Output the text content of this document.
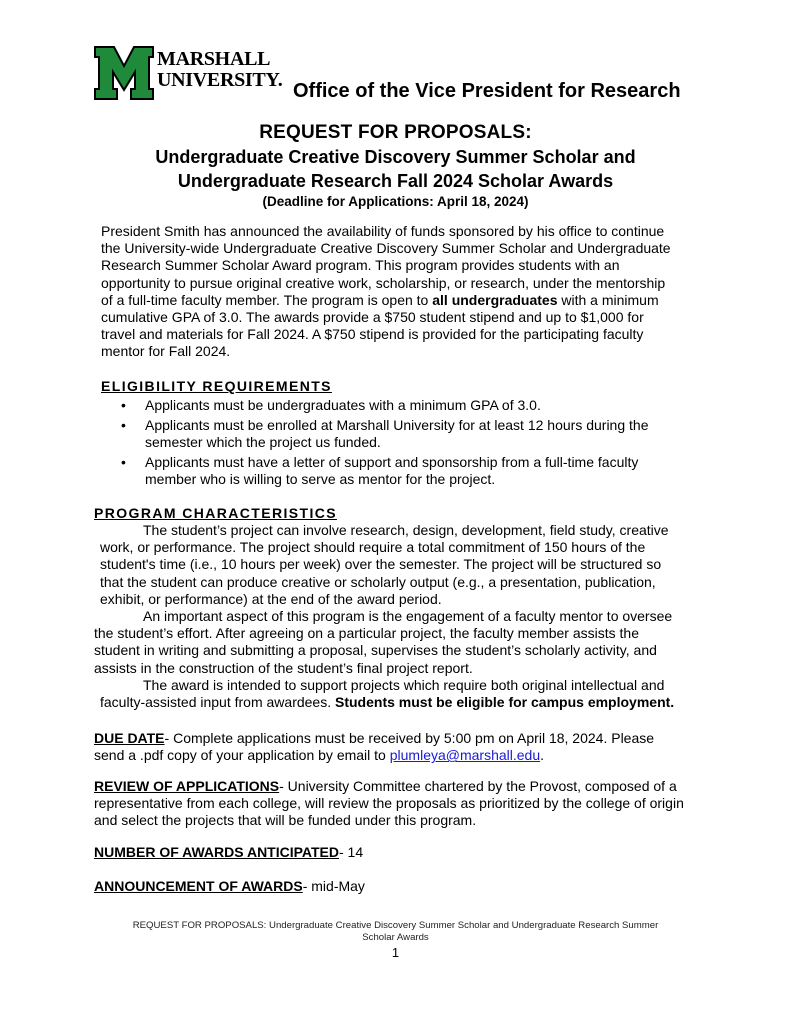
MARSHALL
UNIVERSITY. Office of the Vice President for Research
REQUEST FOR PROPOSALS:
Undergraduate Creative Discovery Summer Scholar and
Undergraduate Research Fall 2024 Scholar Awards
(Deadline for Applications: April 18, 2024)
President Smith has announced the availability of funds sponsored by his office to continue
the University-wide Undergraduate Creative Discovery Summer Scholar and Undergraduate
Research Summer Scholar Award program. This program provides students with an
opportunity to pursue original creative work, scholarship, or research, under the mentorship
of a full-time faculty member. The program is open to all undergraduates with a minimum
cumulative GPA of 3.0. The awards provide a $750 student stipend and up to $1,000 for
travel and materials for Fall 2024. A $750 stipend is provided for the participating faculty
mentor for Fall 2024.
ELIGIBILITY REQUIREMENTS
• Applicants must be undergraduates with a minimum GPA of 3.0.
• Applicants must be enrolled at Marshall University for at least 12 hours during the
semester which the project us funded.
• Applicants must have a letter of support and sponsorship from a full-time faculty
member who is willing to serve as mentor for the project.
PROGRAM CHARACTERISTICS
The student’s project can involve research, design, development, field study, creative
work, or performance. The project should require a total commitment of 150 hours of the
student's time (i.e., 10 hours per week) over the semester. The project will be structured so
that the student can produce creative or scholarly output (e.g., a presentation, publication,
exhibit, or performance) at the end of the award period.
An important aspect of this program is the engagement of a faculty mentor to oversee
the student’s effort. After agreeing on a particular project, the faculty member assists the
student in writing and submitting a proposal, supervises the student’s scholarly activity, and
assists in the construction of the student’s final project report.
The award is intended to support projects which require both original intellectual and
faculty-assisted input from awardees. Students must be eligible for campus employment.
DUE DATE- Complete applications must be received by 5:00 pm on April 18, 2024. Please
send a .pdf copy of your application by email to plumleya@marshall.edu.
REVIEW OF APPLICATIONS- University Committee chartered by the Provost, composed of a
representative from each college, will review the proposals as prioritized by the college of origin
and select the projects that will be funded under this program.
NUMBER OF AWARDS ANTICIPATED- 14
ANNOUNCEMENT OF AWARDS- mid-May
REQUEST FOR PROPOSALS: Undergraduate Creative Discovery Summer Scholar and Undergraduate Research Summer
Scholar Awards
1
